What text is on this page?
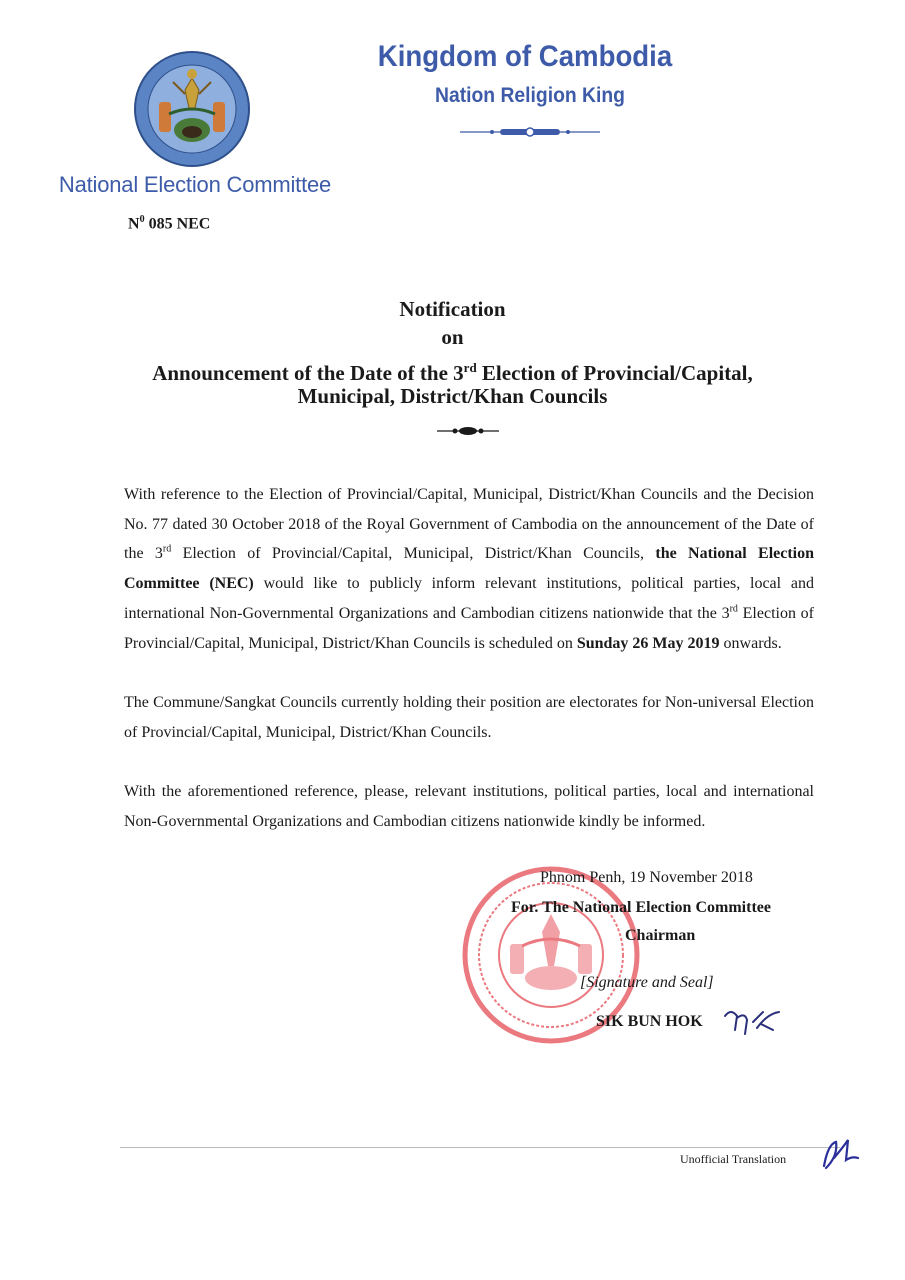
National Election Committee
$N^0$ 085 NEC
Kingdom of Cambodia
Nation Religion King
Notification
on
Announcement of the Date of the 3rd Election of Provincial/Capital,
Municipal, District/Khan Councils

With reference to the Election of Provincial/Capital, Municipal, District/Khan Councils and the Decision No. 77 dated 30 October 2018 of the Royal Government of Cambodia on the announcement of the Date of the 3rd Election of Provincial/Capital, Municipal, District/Khan Councils, the National Election Committee (NEC) would like to publicly inform relevant institutions, political parties, local and international Non-Governmental Organizations and Cambodian citizens nationwide that the 3rd Election of Provincial/Capital, Municipal, District/Khan Councils is scheduled on Sunday 26 May 2019 onwards.

The Commune/Sangkat Councils currently holding their position are electorates for Non-universal Election of Provincial/Capital, Municipal, District/Khan Councils.

With the aforementioned reference, please, relevant institutions, political parties, local and international Non-Governmental Organizations and Cambodian citizens nationwide kindly be informed.

Phnom Penh, 19 November 2018
For. The National Election Committee
Chairman
[Signature and Seal]
SIK BUN HOK
Unofficial Translation
